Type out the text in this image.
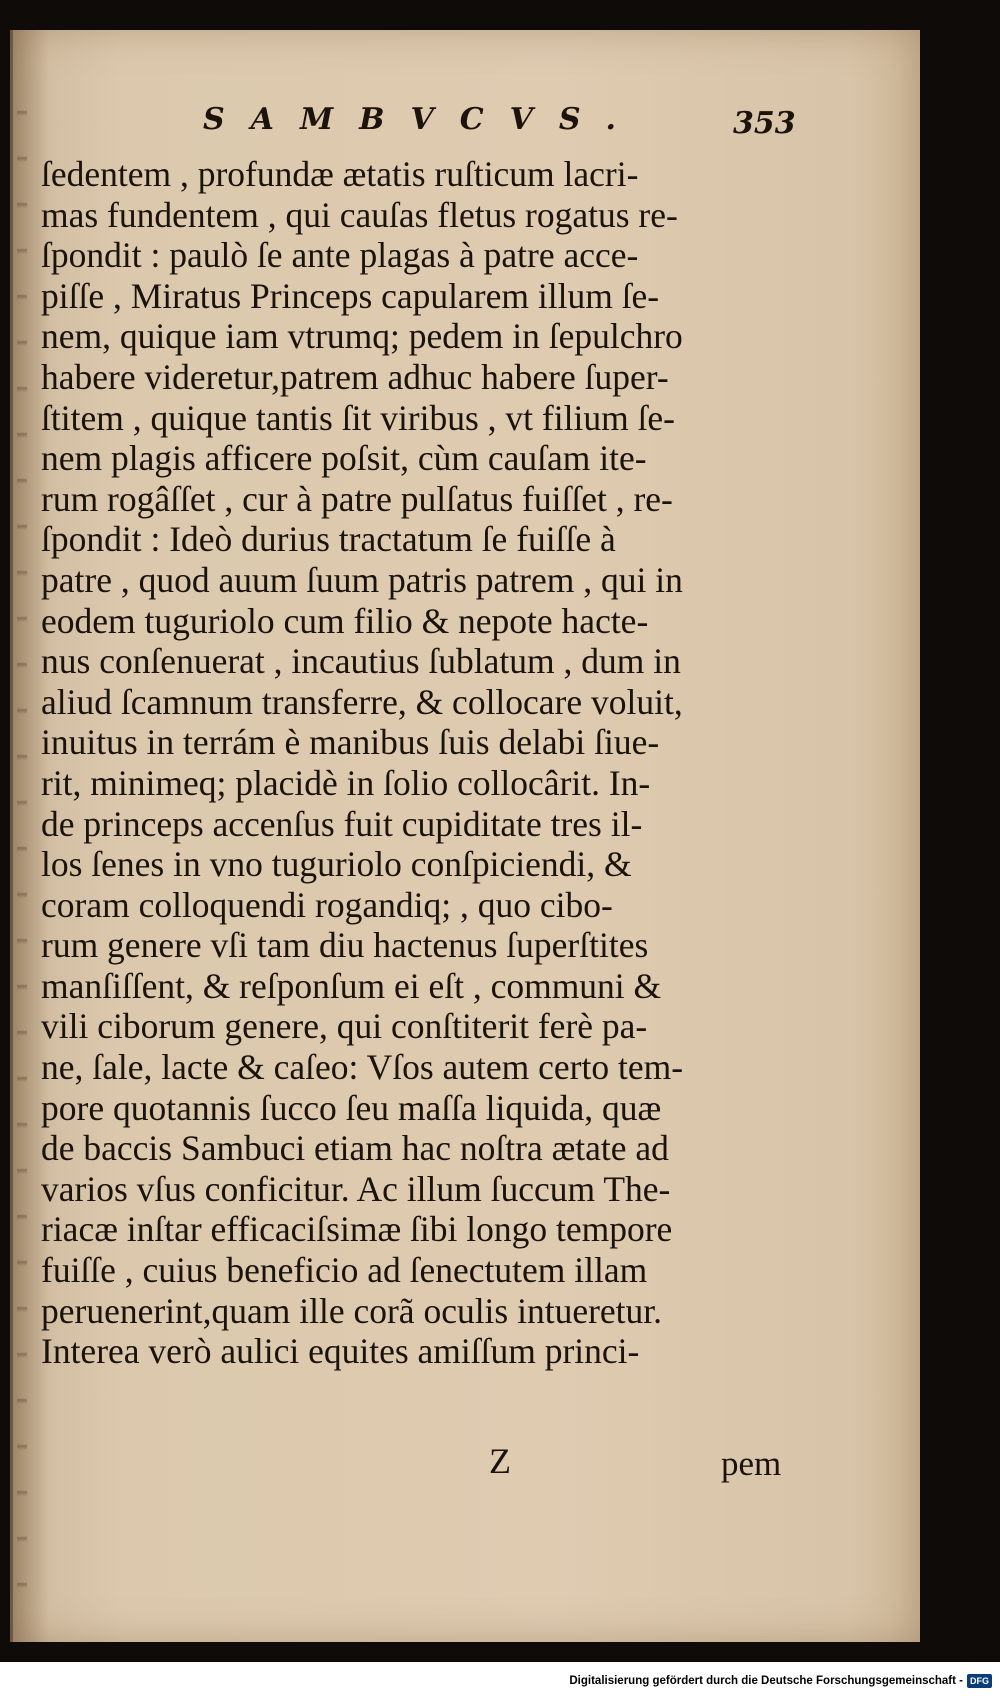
SAMBVCVS.	353
ſedentem , profundæ ætatis ruſticum lacri-
mas fundentem , qui cauſas fletus rogatus re-
ſpondit : paulò ſe ante plagas à patre acce-
piſſe , Miratus Princeps capularem illum ſe-
nem, quique iam vtrumq; pedem in ſepulchro
habere videretur,patrem adhuc habere ſuper-
ſtitem , quique tantis ſit viribus , vt filium ſe-
nem plagis afficere poſsit, cùm cauſam ite-
rum rogâſſet , cur à patre pulſatus fuiſſet , re-
ſpondit : Ideò durius tractatum ſe fuiſſe à
patre , quod auum ſuum patris patrem , qui in
eodem tuguriolo cum filio & nepote hacte-
nus conſenuerat , incautius ſublatum , dum in
aliud ſcamnum transferre, & collocare voluit,
inuitus in terrám è manibus ſuis delabi ſiue-
rit, minimeq; placidè in ſolio collocârit. In-
de princeps accenſus fuit cupiditate tres il-
los ſenes in vno tuguriolo conſpiciendi, &
coram colloquendi rogandiq; , quo cibo-
rum genere vſi tam diu hactenus ſuperſtites
manſiſſent, & reſponſum ei eſt , communi &
vili ciborum genere, qui conſtiterit ferè pa-
ne, ſale, lacte & caſeo: Vſos autem certo tem-
pore quotannis ſucco ſeu maſſa liquida, quæ
de baccis Sambuci etiam hac noſtra ætate ad
varios vſus conficitur. Ac illum ſuccum The-
riacæ inſtar efficaciſsimæ ſibi longo tempore
fuiſſe , cuius beneficio ad ſenectutem illam
peruenerint,quam ille corã oculis intueretur.
Interea verò aulici equites amiſſum princi-
Z	pem
Digitalisierung gefördert durch die Deutsche Forschungsgemeinschaft - DFG
